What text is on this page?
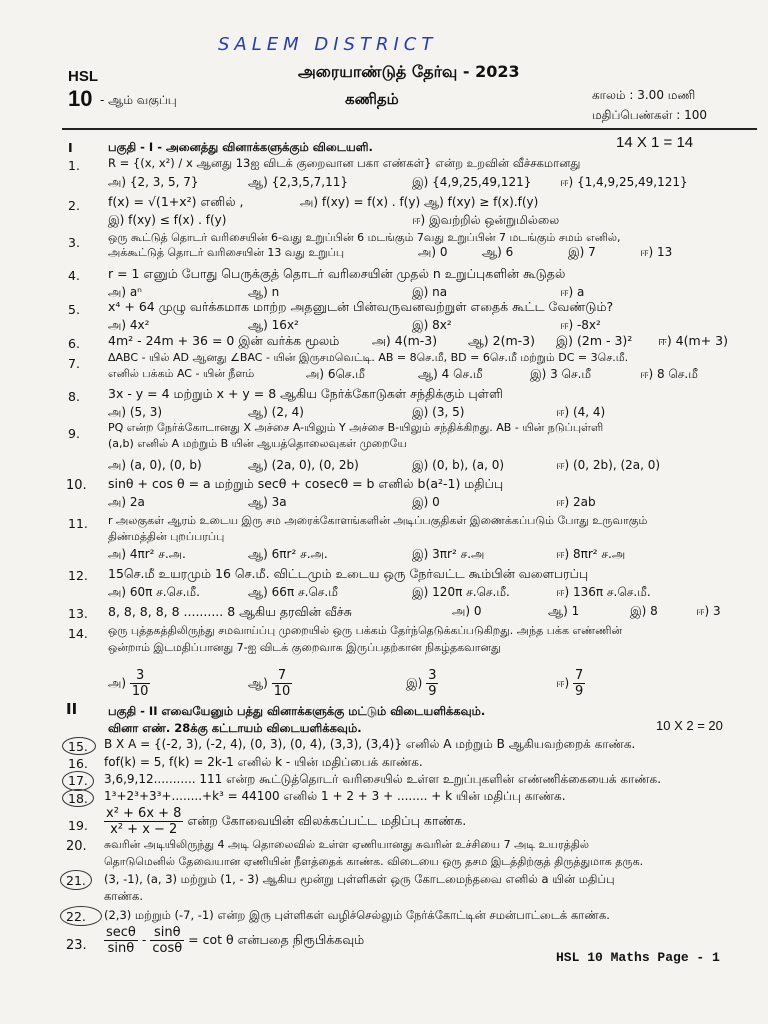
SALEM DISTRICT
HSL
10 - ஆம் வகுப்பு
அரையாண்டுத் தேர்வு - 2023
கணிதம்	காலம் : 3.00 மணி
மதிப்பெண்கள் : 100
I	பகுதி - I - அனைத்து வினாக்களுக்கும் விடையளி.	14 X 1 = 14
1. R = {(x, x²) / x ஆனது 13ஐ விடக் குறைவான பகா எண்கள்} என்ற உறவின் வீச்சகமானது
அ) {2, 3, 5, 7}	ஆ) {2,3,5,7,11}	இ) {4,9,25,49,121} ஈ) {1,4,9,25,49,121}
2. f(x) = √(1+x²) எனில் ,	அ) f(xy) = f(x) . f(y) ஆ) f(xy) ≥ f(x).f(y)
இ) f(xy) ≤ f(x) . f(y)	ஈ) இவற்றில் ஒன்றுமில்லை
3.	ஒரு கூட்டுத் தொடர் வரிசையின் 6-வது உறுப்பின் 6 மடங்கும் 7வது உறுப்பின் 7 மடங்கும் சமம் எனில்,
அக்கூட்டுத் தொடர் வரிசையின் 13 வது உறுப்பு	அ) 0	ஆ) 6	இ) 7	ஈ) 13
4. r = 1 எனும் போது பெருக்குத் தொடர் வரிசையின் முதல் n உறுப்புகளின் கூடுதல்
அ) aⁿ	ஆ) n	இ) na	ஈ) a
5. x⁴ + 64 முழு வர்க்கமாக மாற்ற அதனுடன் பின்வருவனவற்றுள் எதைக் கூட்ட வேண்டும்?
அ) 4x²	ஆ) 16x²	இ) 8x²	ஈ) -8x²
6. 4m² - 24m + 36 = 0 இன் வர்க்க மூலம்	அ) 4(m-3) ஆ) 2(m-3) இ) (2m - 3)² ஈ) 4(m+ 3)
7.	ΔABC - யில் AD ஆனது ∠BAC - யின் இருசமவெட்டி. AB = 8செ.மீ, BD = 6செ.மீ மற்றும் DC = 3செ.மீ.
எனில் பக்கம் AC - யின் நீளம்	அ) 6செ.மீ	ஆ) 4 செ.மீ	இ) 3 செ.மீ	ஈ) 8 செ.மீ
8. 3x - y = 4 மற்றும் x + y = 8 ஆகிய நேர்க்கோடுகள் சந்திக்கும் புள்ளி
அ) (5, 3)	ஆ) (2, 4)	இ) (3, 5)	ஈ) (4, 4)
9.	PQ என்ற நேர்க்கோடானது X அச்சை A-யிலும் Y அச்சை B-யிலும் சந்திக்கிறது. AB - யின் நடுப்புள்ளி
(a,b) எனில் A மற்றும் B யின் ஆயத்தொலைவுகள் முறையே
அ) (a, 0), (0, b)	ஆ) (2a, 0), (0, 2b)	இ) (0, b), (a, 0)	ஈ) (0, 2b), (2a, 0)
10. sinθ + cos θ = a மற்றும் secθ + cosecθ = b எனில் b(a²-1) மதிப்பு
அ) 2a	ஆ) 3a	இ) 0	ஈ) 2ab
11. r அலகுகள் ஆரம் உடைய இரு சம அரைக்கோளங்களின் அடிப்பகுதிகள் இணைக்கப்படும் போது உருவாகும்
திண்மத்தின் புறப்பரப்பு
அ) 4πr² ச.அ.	ஆ) 6πr² ச.அ.	இ) 3πr² ச.அ	ஈ) 8πr² ச.அ
12. 15செ.மீ உயரமும் 16 செ.மீ. விட்டமும் உடைய ஒரு நேர்வட்ட கூம்பின் வளைபரப்பு
அ) 60π ச.செ.மீ.	ஆ) 66π ச.செ.மீ	இ) 120π ச.செ.மீ.	ஈ) 136π ச.செ.மீ.
13. 8, 8, 8, 8, 8 .......... 8 ஆகிய தரவின் வீச்சு	அ) 0	ஆ) 1	இ) 8	ஈ) 3
14. ஒரு புத்தகத்திலிருந்து சமவாய்ப்பு முறையில் ஒரு பக்கம் தேர்ந்தெடுக்கப்படுகிறது. அந்த பக்க எண்ணின்
ஒன்றாம் இடமதிப்பானது 7-ஐ விடக் குறைவாக இருப்பதற்கான நிகழ்தகவானது
அ) $\frac{3}{10}$	ஆ) $\frac{7}{10}$	இ) $\frac{3}{9}$	ஈ) $\frac{7}{9}$
II	பகுதி - II எவையேனும் பத்து வினாக்களுக்கு மட்டும் விடையளிக்கவும்.
வினா எண். 28க்கு கட்டாயம் விடையளிக்கவும்.	10 X 2 = 20
15. B X A = {(-2, 3), (-2, 4), (0, 3), (0, 4), (3,3), (3,4)} எனில் A மற்றும் B ஆகியவற்றைக் காண்க.
16. fof(k) = 5, f(k) = 2k-1 எனில் k - யின் மதிப்பைக் காண்க.
17. 3,6,9,12........... 111 என்ற கூட்டுத்தொடர் வரிசையில் உள்ள உறுப்புகளின் எண்ணிக்கையைக் காண்க.
18. 1³+2³+3³+........+k³ = 44100 எனில் 1 + 2 + 3 + ........ + k யின் மதிப்பு காண்க.
19. $\frac{\text{x² + 6x + 8}}{\text{x² + x − 2}}$ என்ற கோவையின் விலக்கப்பட்ட மதிப்பு காண்க.
20. சுவரின் அடியிலிருந்து 4 அடி தொலைவில் உள்ள ஏணியானது சுவரின் உச்சியை 7 அடி உயரத்தில்
தொடுமெனில் தேவையான ஏணியின் நீளத்தைக் காண்க. விடையை ஒரு தசம இடத்திற்குத் திருத்துமாக தருக.
21. (3, -1), (a, 3) மற்றும் (1, - 3) ஆகிய மூன்று புள்ளிகள் ஒரு கோடமைந்தவை எனில் a யின் மதிப்பு
காண்க.
22. (2,3) மற்றும் (-7, -1) என்ற இரு புள்ளிகள் வழிச்செல்லும் நேர்க்கோட்டின் சமன்பாட்டைக் காண்க.
23. $\frac{\sec\theta}{\sin\theta} - \frac{\sin\theta}{\cos\theta} = \cot \theta$ என்பதை நிரூபிக்கவும்
HSL 10 Maths Page - 1
